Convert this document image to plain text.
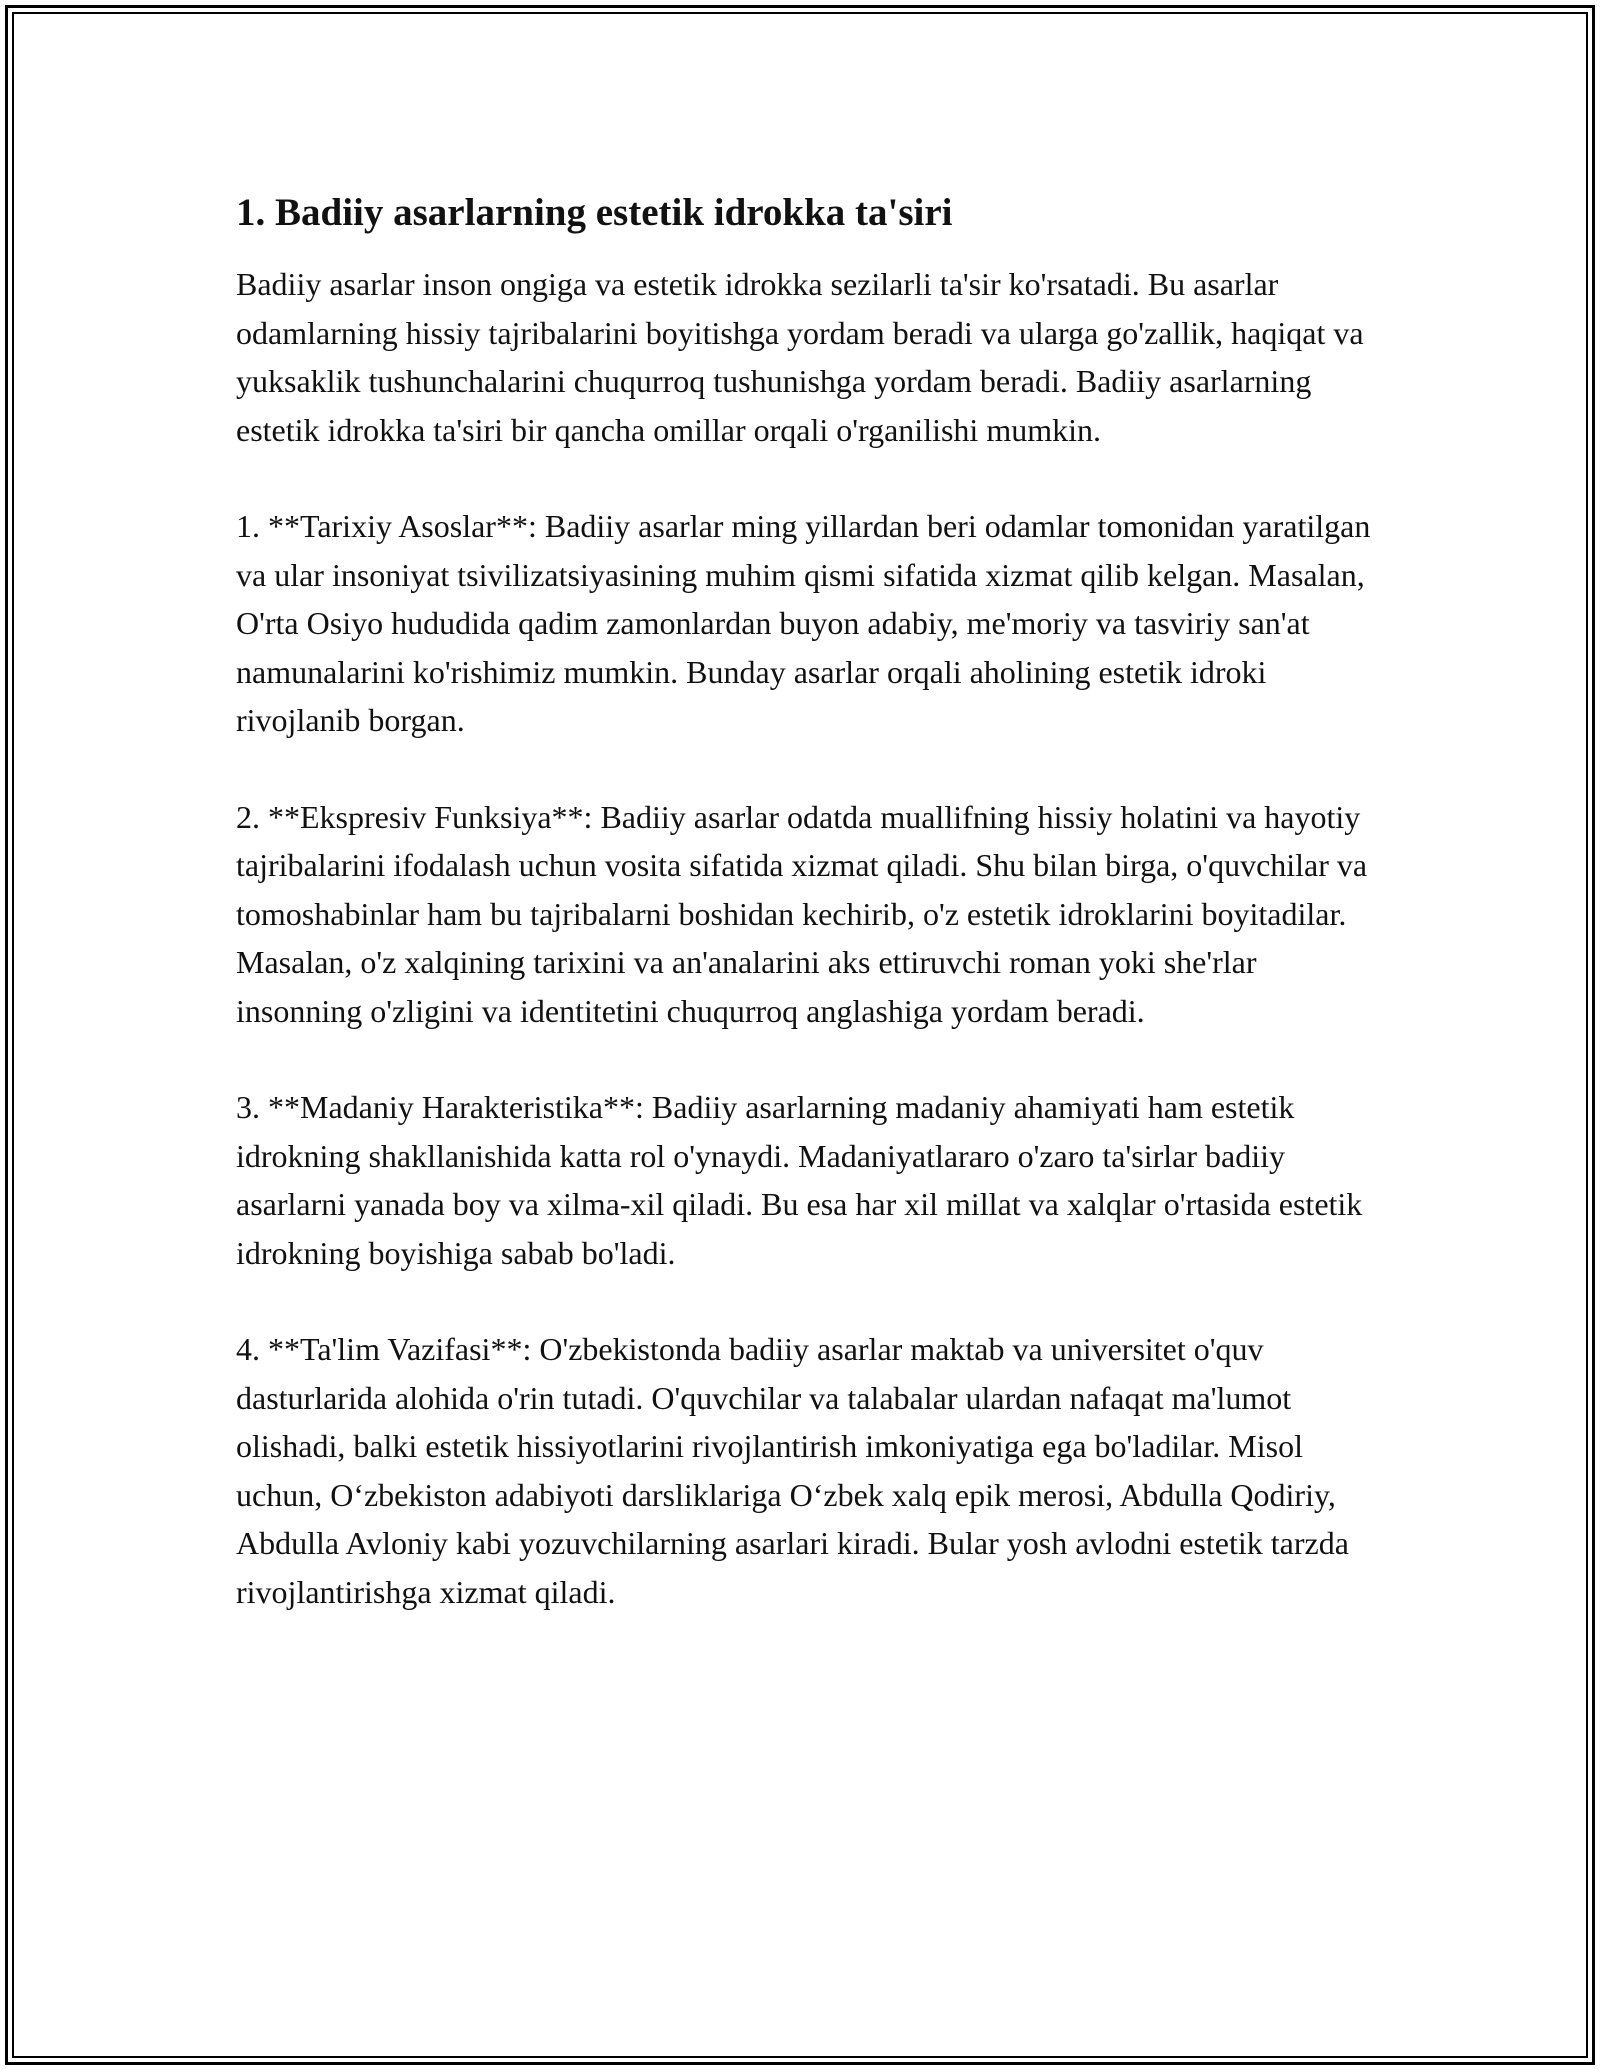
1. Badiiy asarlarning estetik idrokka ta'siri

Badiiy asarlar inson ongiga va estetik idrokka sezilarli ta'sir ko'rsatadi. Bu asarlar odamlarning hissiy tajribalarini boyitishga yordam beradi va ularga go'zallik, haqiqat va yuksaklik tushunchalarini chuqurroq tushunishga yordam beradi. Badiiy asarlarning estetik idrokka ta'siri bir qancha omillar orqali o'rganilishi mumkin.

1. **Tarixiy Asoslar**: Badiiy asarlar ming yillardan beri odamlar tomonidan yaratilgan va ular insoniyat tsivilizatsiyasining muhim qismi sifatida xizmat qilib kelgan. Masalan, O'rta Osiyo hududida qadim zamonlardan buyon adabiy, me'moriy va tasviriy san'at namunalarini ko'rishimiz mumkin. Bunday asarlar orqali aholining estetik idroki rivojlanib borgan.

2. **Ekspresiv Funksiya**: Badiiy asarlar odatda muallifning hissiy holatini va hayotiy tajribalarini ifodalash uchun vosita sifatida xizmat qiladi. Shu bilan birga, o'quvchilar va tomoshabinlar ham bu tajribalarni boshidan kechirib, o'z estetik idroklarini boyitadilar. Masalan, o'z xalqining tarixini va an'analarini aks ettiruvchi roman yoki she'rlar insonning o'zligini va identitetini chuqurroq anglashiga yordam beradi.

3. **Madaniy Harakteristika**: Badiiy asarlarning madaniy ahamiyati ham estetik idrokning shakllanishida katta rol o'ynaydi. Madaniyatlararo o'zaro ta'sirlar badiiy asarlarni yanada boy va xilma-xil qiladi. Bu esa har xil millat va xalqlar o'rtasida estetik idrokning boyishiga sabab bo'ladi.

4. **Ta'lim Vazifasi**: O'zbekistonda badiiy asarlar maktab va universitet o'quv dasturlarida alohida o'rin tutadi. O'quvchilar va talabalar ulardan nafaqat ma'lumot olishadi, balki estetik hissiyotlarini rivojlantirish imkoniyatiga ega bo'ladilar. Misol uchun, O‘zbekiston adabiyoti darsliklariga O‘zbek xalq epik merosi, Abdulla Qodiriy, Abdulla Avloniy kabi yozuvchilarning asarlari kiradi. Bular yosh avlodni estetik tarzda rivojlantirishga xizmat qiladi.
